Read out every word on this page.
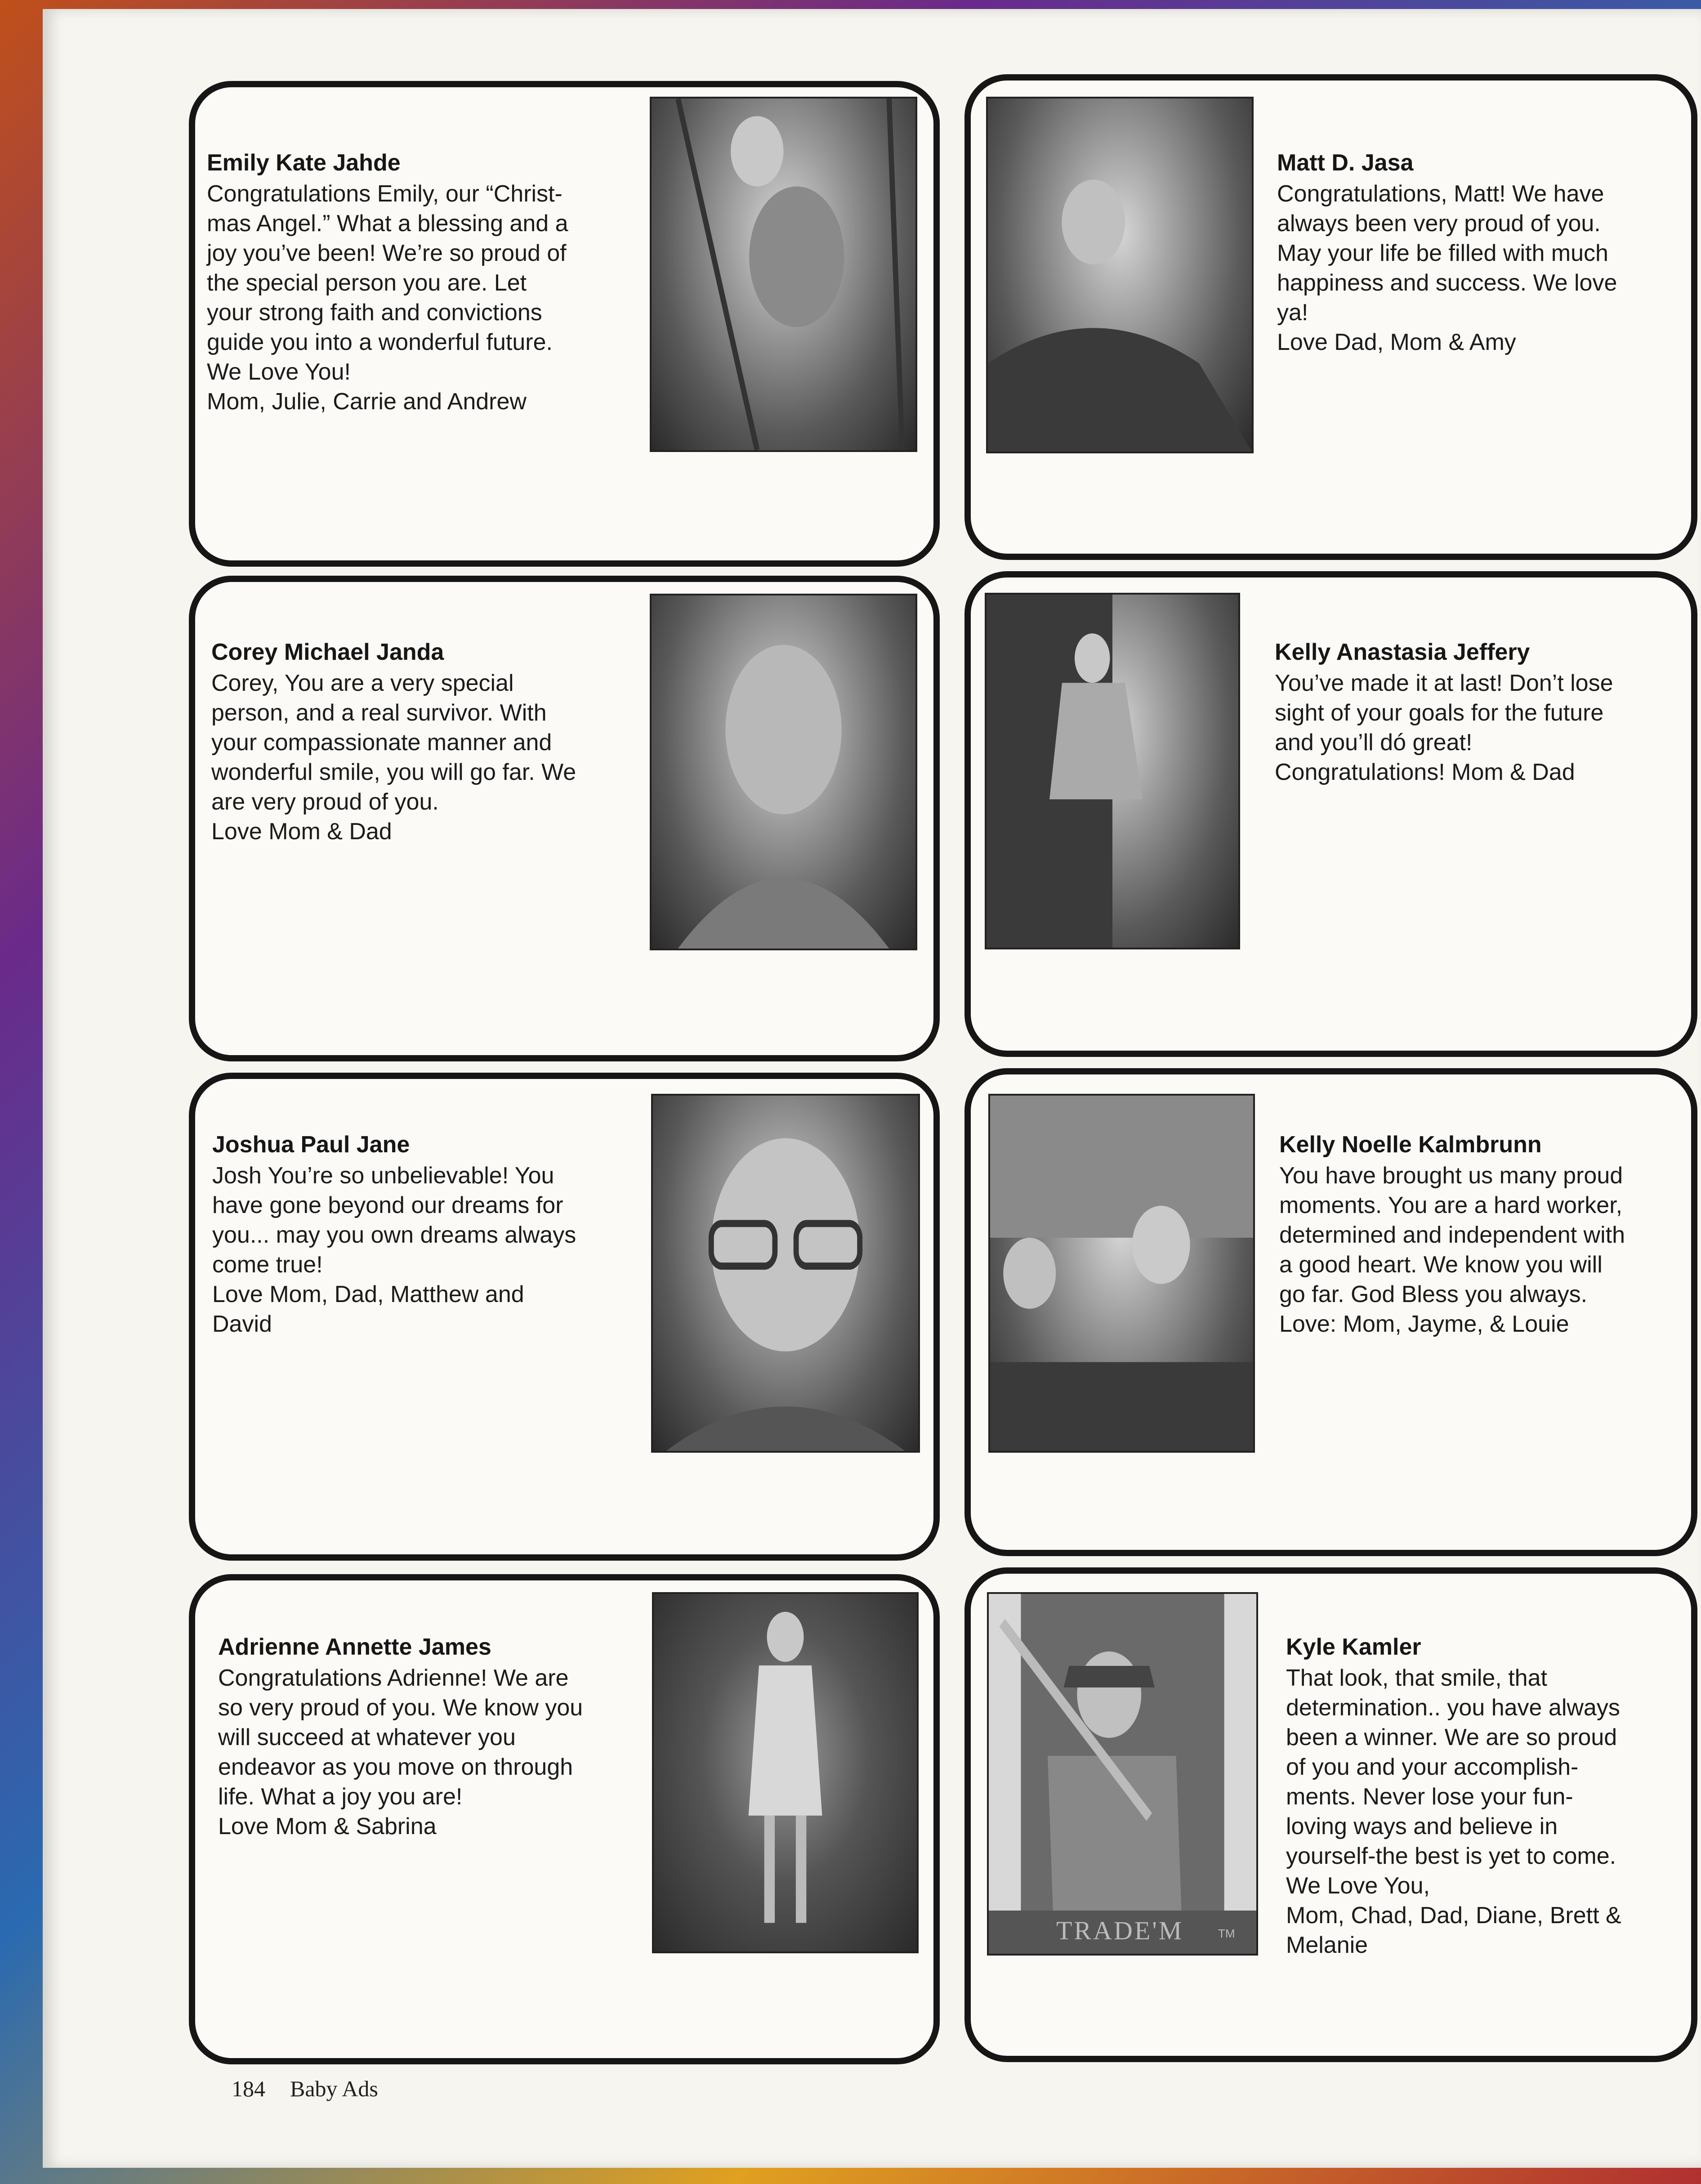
Emily Kate Jahde
Congratulations Emily, our “Christ-
mas Angel.” What a blessing and a
joy you’ve been! We’re so proud of
the special person you are. Let
your strong faith and convictions
guide you into a wonderful future.
We Love You!
Mom, Julie, Carrie and Andrew
Matt D. Jasa
Congratulations, Matt! We have
always been very proud of you.
May your life be filled with much
happiness and success. We love
ya!
Love Dad, Mom & Amy
Corey Michael Janda
Corey, You are a very special
person, and a real survivor. With
your compassionate manner and
wonderful smile, you will go far. We
are very proud of you.
Love Mom & Dad
Kelly Anastasia Jeffery
You’ve made it at last! Don’t lose
sight of your goals for the future
and you’ll dó great!
Congratulations! Mom & Dad
Joshua Paul Jane
Josh You’re so unbelievable! You
have gone beyond our dreams for
you... may you own dreams always
come true!
Love Mom, Dad, Matthew and
David
Kelly Noelle Kalmbrunn
You have brought us many proud
moments. You are a hard worker,
determined and independent with
a good heart. We know you will
go far. God Bless you always.
Love: Mom, Jayme, & Louie
Adrienne Annette James
Congratulations Adrienne! We are
so very proud of you. We know you
will succeed at whatever you
endeavor as you move on through
life. What a joy you are!
Love Mom & Sabrina
Kyle Kamler
That look, that smile, that
determination.. you have always
been a winner. We are so proud
of you and your accomplish-
ments. Never lose your fun-
loving ways and believe in
yourself-the best is yet to come.
We Love You,
Mom, Chad, Dad, Diane, Brett &
Melanie
TRADE'M	TM
184 Baby Ads
